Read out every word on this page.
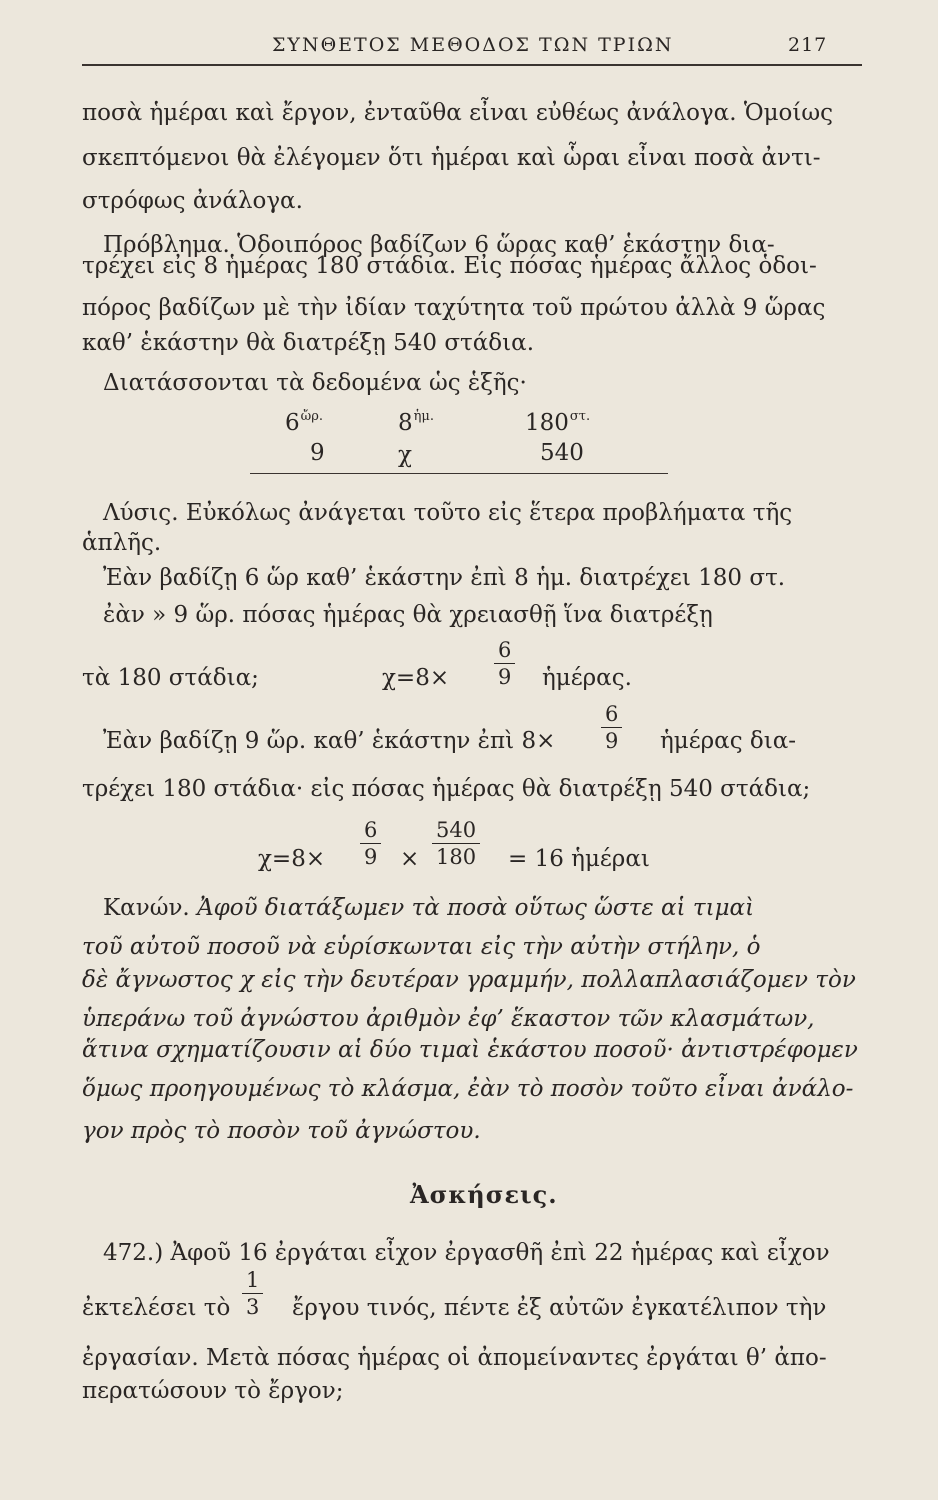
ΣΥΝΘΕΤΟΣ ΜΕΘΟΔΟΣ ΤΩΝ ΤΡΙΩΝ	217
ποσὰ ἡμέραι καὶ ἔργον, ἐνταῦθα εἶναι εὐθέως ἀνάλογα. Ὁμοίως
σκεπτόμενοι θὰ ἐλέγομεν ὅτι ἡμέραι καὶ ὧραι εἶναι ποσὰ ἀντι-
στρόφως ἀνάλογα.
Πρόβλημα. Ὁδοιπόρος βαδίζων 6 ὥρας καθ’ ἑκάστην δια-
τρέχει εἰς 8 ἡμέρας 180 στάδια. Εἰς πόσας ἡμέρας ἄλλος ὁδοι-
πόρος βαδίζων μὲ τὴν ἰδίαν ταχύτητα τοῦ πρώτου ἀλλὰ 9 ὥρας
καθ’ ἑκάστην θὰ διατρέξῃ 540 στάδια.
Διατάσσονται τὰ δεδομένα ὡς ἑξῆς·
$6^{ὤ\rho.}$	$8^{ἡ\mu.}$	$180^{\sigma\tau.}$
9	χ	540
Λύσις. Εὐκόλως ἀνάγεται τοῦτο εἰς ἕτερα προβλήματα τῆς
ἁπλῆς.
Ἐὰν βαδίζῃ 6 ὥρ καθ’ ἑκάστην ἐπὶ 8 ἡμ. διατρέχει 180 στ.
ἐὰν » 9 ὥρ. πόσας ἡμέρας θὰ χρειασθῇ ἵνα διατρέξῃ
τὰ 180 στάδια;	$\chi=8\times \frac{6}{9}$ ἡμέρας.
Ἐὰν βαδίζῃ 9 ὥρ. καθ’ ἑκάστην ἐπὶ $8\times \frac{6}{9}$ ἡμέρας δια-
τρέχει 180 στάδια· εἰς πόσας ἡμέρας θὰ διατρέξῃ 540 στάδια;
$\chi=8\times \frac{6}{9} \times \frac{540}{180} = 16$ ἡμέραι
Κανών. Ἀφοῦ διατάξωμεν τὰ ποσὰ οὕτως ὥστε αἱ τιμαὶ
τοῦ αὐτοῦ ποσοῦ νὰ εὑρίσκωνται εἰς τὴν αὐτὴν στήλην, ὁ
δὲ ἄγνωστος χ εἰς τὴν δευτέραν γραμμήν, πολλαπλασιάζομεν τὸν
ὑπεράνω τοῦ ἀγνώστου ἀριθμὸν ἐφ’ ἕκαστον τῶν κλασμάτων,
ἅτινα σχηματίζουσιν αἱ δύο τιμαὶ ἑκάστου ποσοῦ· ἀντιστρέφομεν
ὅμως προηγουμένως τὸ κλάσμα, ἐὰν τὸ ποσὸν τοῦτο εἶναι ἀνάλο-
γον πρὸς τὸ ποσὸν τοῦ ἀγνώστου.
Ἀσκήσεις.
472.) Ἀφοῦ 16 ἐργάται εἶχον ἐργασθῆ ἐπὶ 22 ἡμέρας καὶ εἶχον
ἐκτελέσει τὸ $\frac{1}{3}$ ἔργου τινός, πέντε ἐξ αὐτῶν ἐγκατέλιπον τὴν
ἐργασίαν. Μετὰ πόσας ἡμέρας οἱ ἀπομείναντες ἐργάται θ’ ἀπο-
περατώσουν τὸ ἔργον;
